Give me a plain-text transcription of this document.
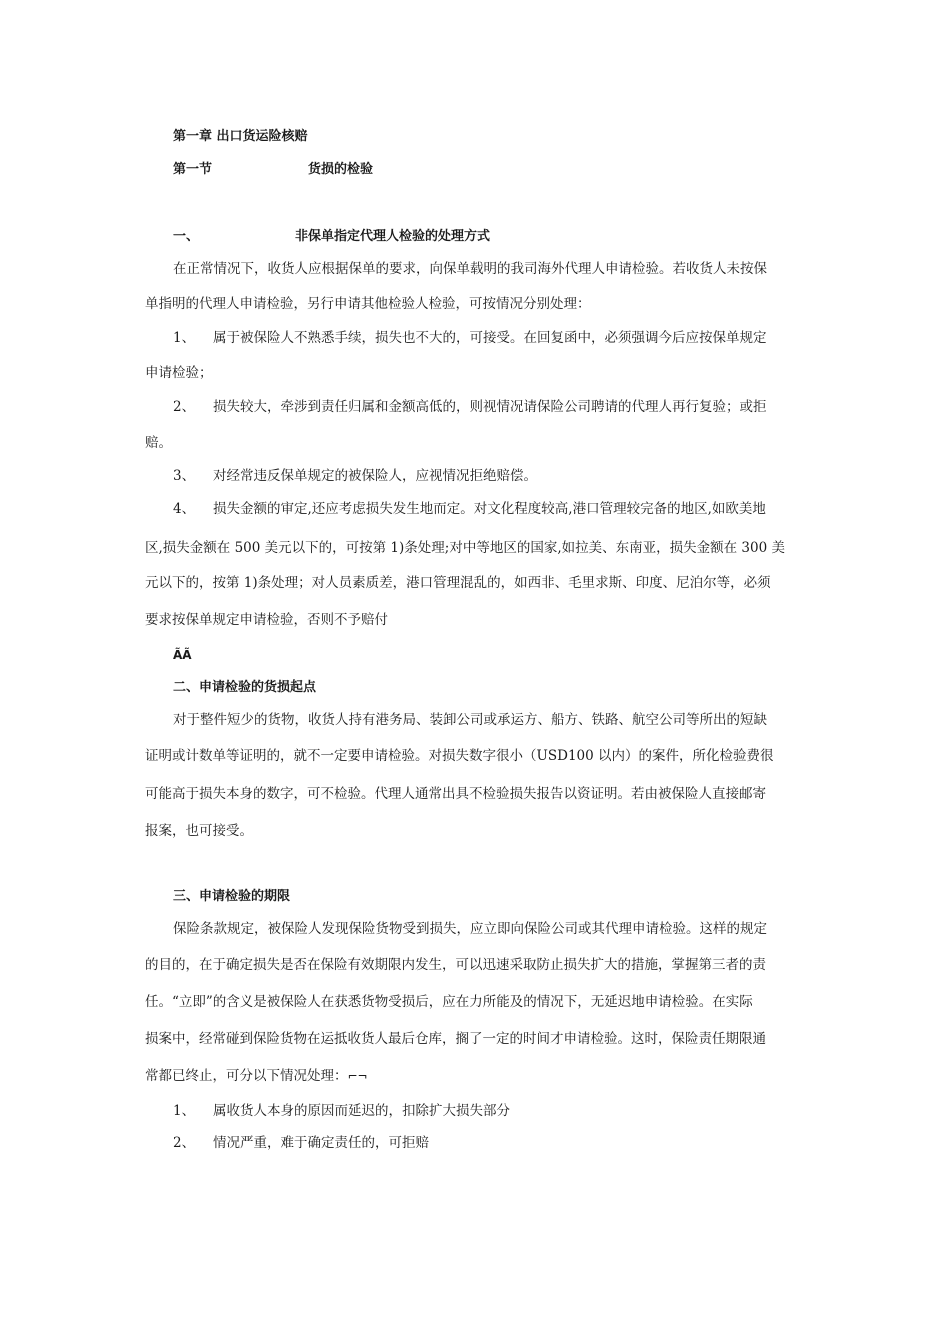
第一章 出口货运险核赔
第一节	货损的检验
一、	非保单指定代理人检验的处理方式
在正常情况下，收货人应根据保单的要求，向保单载明的我司海外代理人申请检验。若收货人未按保
单指明的代理人申请检验，另行申请其他检验人检验，可按情况分别处理：
1、 属于被保险人不熟悉手续，损失也不大的，可接受。在回复函中，必须强调今后应按保单规定
申请检验；
2、 损失较大，牵涉到责任归属和金额高低的，则视情况请保险公司聘请的代理人再行复验；或拒
赔。
3、 对经常违反保单规定的被保险人，应视情况拒绝赔偿。
4、 损失金额的审定,还应考虑损失发生地而定。对文化程度较高,港口管理较完备的地区,如欧美地
区,损失金额在 500 美元以下的，可按第 1)条处理;对中等地区的国家,如拉美、东南亚，损失金额在 300 美
元以下的，按第 1)条处理；对人员素质差，港口管理混乱的，如西非、毛里求斯、印度、尼泊尔等，必须
要求按保单规定申请检验，否则不予赔付
ÃÃ
二、申请检验的货损起点
对于整件短少的货物，收货人持有港务局、装卸公司或承运方、船方、铁路、航空公司等所出的短缺
证明或计数单等证明的，就不一定要申请检验。对损失数字很小（USD100 以内）的案件，所化检验费很
可能高于损失本身的数字，可不检验。代理人通常出具不检验损失报告以资证明。若由被保险人直接邮寄
报案，也可接受。
三、申请检验的期限
保险条款规定，被保险人发现保险货物受到损失，应立即向保险公司或其代理申请检验。这样的规定
的目的，在于确定损失是否在保险有效期限内发生，可以迅速采取防止损失扩大的措施，掌握第三者的责
任。“立即”的含义是被保险人在获悉货物受损后，应在力所能及的情况下，无延迟地申请检验。在实际
损案中，经常碰到保险货物在运抵收货人最后仓库，搁了一定的时间才申请检验。这时，保险责任期限通
常都已终止，可分以下情况处理：⌐¬
1、 属收货人本身的原因而延迟的，扣除扩大损失部分
2、 情况严重，难于确定责任的，可拒赔
